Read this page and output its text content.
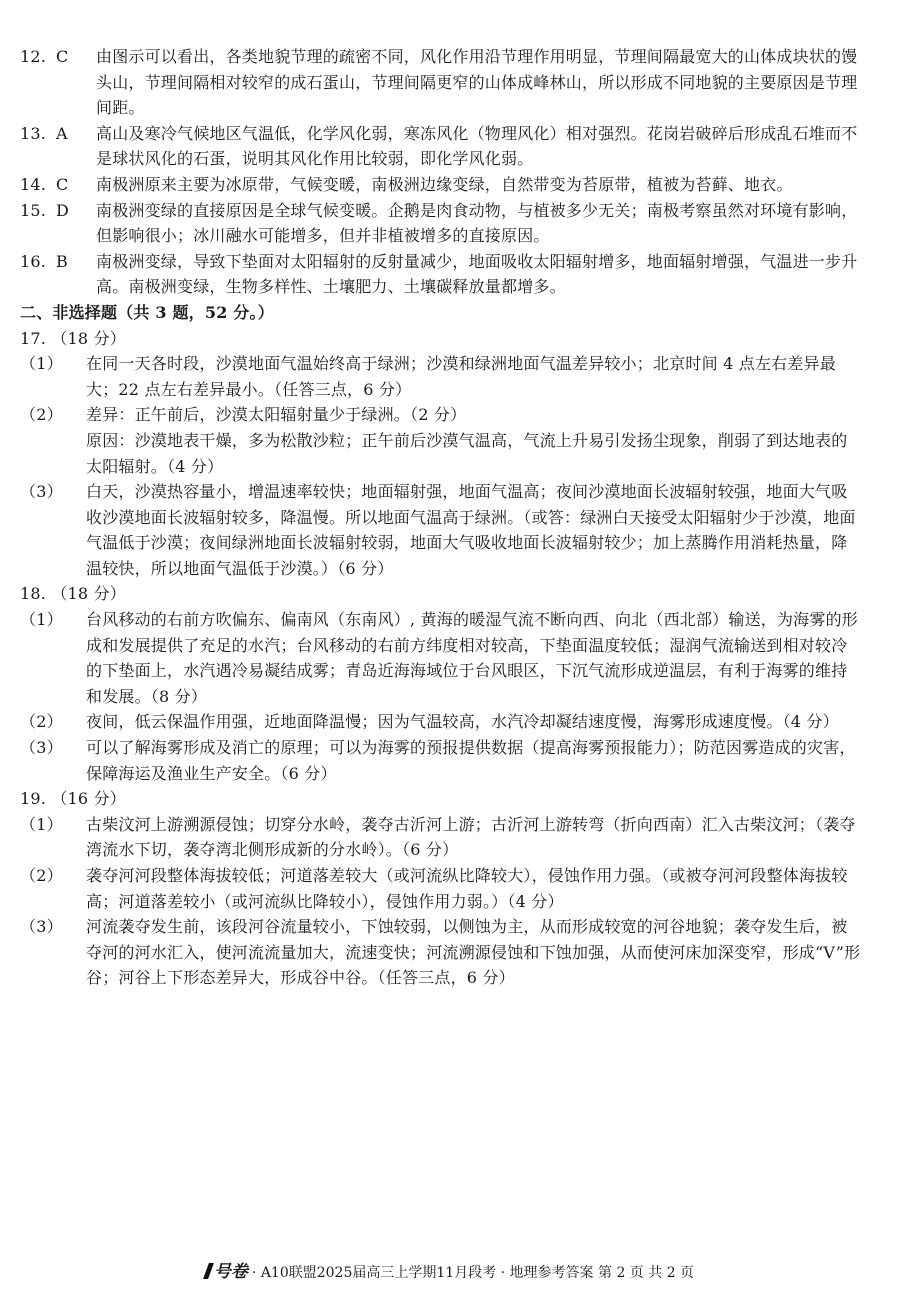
12. C 由图示可以看出，各类地貌节理的疏密不同，风化作用沿节理作用明显，节理间隔最宽大的山体成块状的馒头山，节理间隔相对较窄的成石蛋山，节理间隔更窄的山体成峰林山，所以形成不同地貌的主要原因是节理间距。

13. A 高山及寒冷气候地区气温低，化学风化弱，寒冻风化（物理风化）相对强烈。花岗岩破碎后形成乱石堆而不是球状风化的石蛋，说明其风化作用比较弱，即化学风化弱。

14. C 南极洲原来主要为冰原带，气候变暖，南极洲边缘变绿，自然带变为苔原带，植被为苔藓、地衣。

15. D 南极洲变绿的直接原因是全球气候变暖。企鹅是肉食动物，与植被多少无关；南极考察虽然对环境有影响，但影响很小；冰川融水可能增多，但并非植被增多的直接原因。

16. B 南极洲变绿，导致下垫面对太阳辐射的反射量减少，地面吸收太阳辐射增多，地面辐射增强，气温进一步升高。南极洲变绿，生物多样性、土壤肥力、土壤碳释放量都增多。

二、非选择题（共 3 题，52 分。）

17. （18 分）

（1） 在同一天各时段，沙漠地面气温始终高于绿洲；沙漠和绿洲地面气温差异较小；北京时间 4 点左右差异最大；22 点左右差异最小。（任答三点，6 分）

（2） 差异：正午前后，沙漠太阳辐射量少于绿洲。（2 分）
原因：沙漠地表干燥，多为松散沙粒；正午前后沙漠气温高，气流上升易引发扬尘现象，削弱了到达地表的太阳辐射。（4 分）

（3） 白天，沙漠热容量小，增温速率较快；地面辐射强，地面气温高；夜间沙漠地面长波辐射较强，地面大气吸收沙漠地面长波辐射较多，降温慢。所以地面气温高于绿洲。（或答：绿洲白天接受太阳辐射少于沙漠，地面气温低于沙漠；夜间绿洲地面长波辐射较弱，地面大气吸收地面长波辐射较少；加上蒸腾作用消耗热量，降温较快，所以地面气温低于沙漠。）（6 分）

18. （18 分）

（1） 台风移动的右前方吹偏东、偏南风（东南风）, 黄海的暖湿气流不断向西、向北（西北部）输送，为海雾的形成和发展提供了充足的水汽；台风移动的右前方纬度相对较高，下垫面温度较低；湿润气流输送到相对较冷的下垫面上，水汽遇冷易凝结成雾；青岛近海海域位于台风眼区，下沉气流形成逆温层，有利于海雾的维持和发展。（8 分）

（2） 夜间，低云保温作用强，近地面降温慢；因为气温较高，水汽冷却凝结速度慢，海雾形成速度慢。（4 分）

（3） 可以了解海雾形成及消亡的原理；可以为海雾的预报提供数据（提高海雾预报能力）；防范因雾造成的灾害，保障海运及渔业生产安全。（6 分）

19. （16 分）

（1） 古柴汶河上游溯源侵蚀；切穿分水岭，袭夺古沂河上游；古沂河上游转弯（折向西南）汇入古柴汶河；（袭夺湾流水下切，袭夺湾北侧形成新的分水岭）。（6 分）

（2） 袭夺河河段整体海拔较低；河道落差较大（或河流纵比降较大），侵蚀作用力强。（或被夺河河段整体海拔较高；河道落差较小（或河流纵比降较小），侵蚀作用力弱。）（4 分）

（3） 河流袭夺发生前，该段河谷流量较小，下蚀较弱，以侧蚀为主，从而形成较宽的河谷地貌；袭夺发生后，被夺河的河水汇入，使河流流量加大，流速变快；河流溯源侵蚀和下蚀加强，从而使河床加深变窄，形成“V”形谷；河谷上下形态差异大，形成谷中谷。（任答三点，6 分）

号卷 · A10联盟2025届高三上学期11月段考 · 地理参考答案 第 2 页 共 2 页
